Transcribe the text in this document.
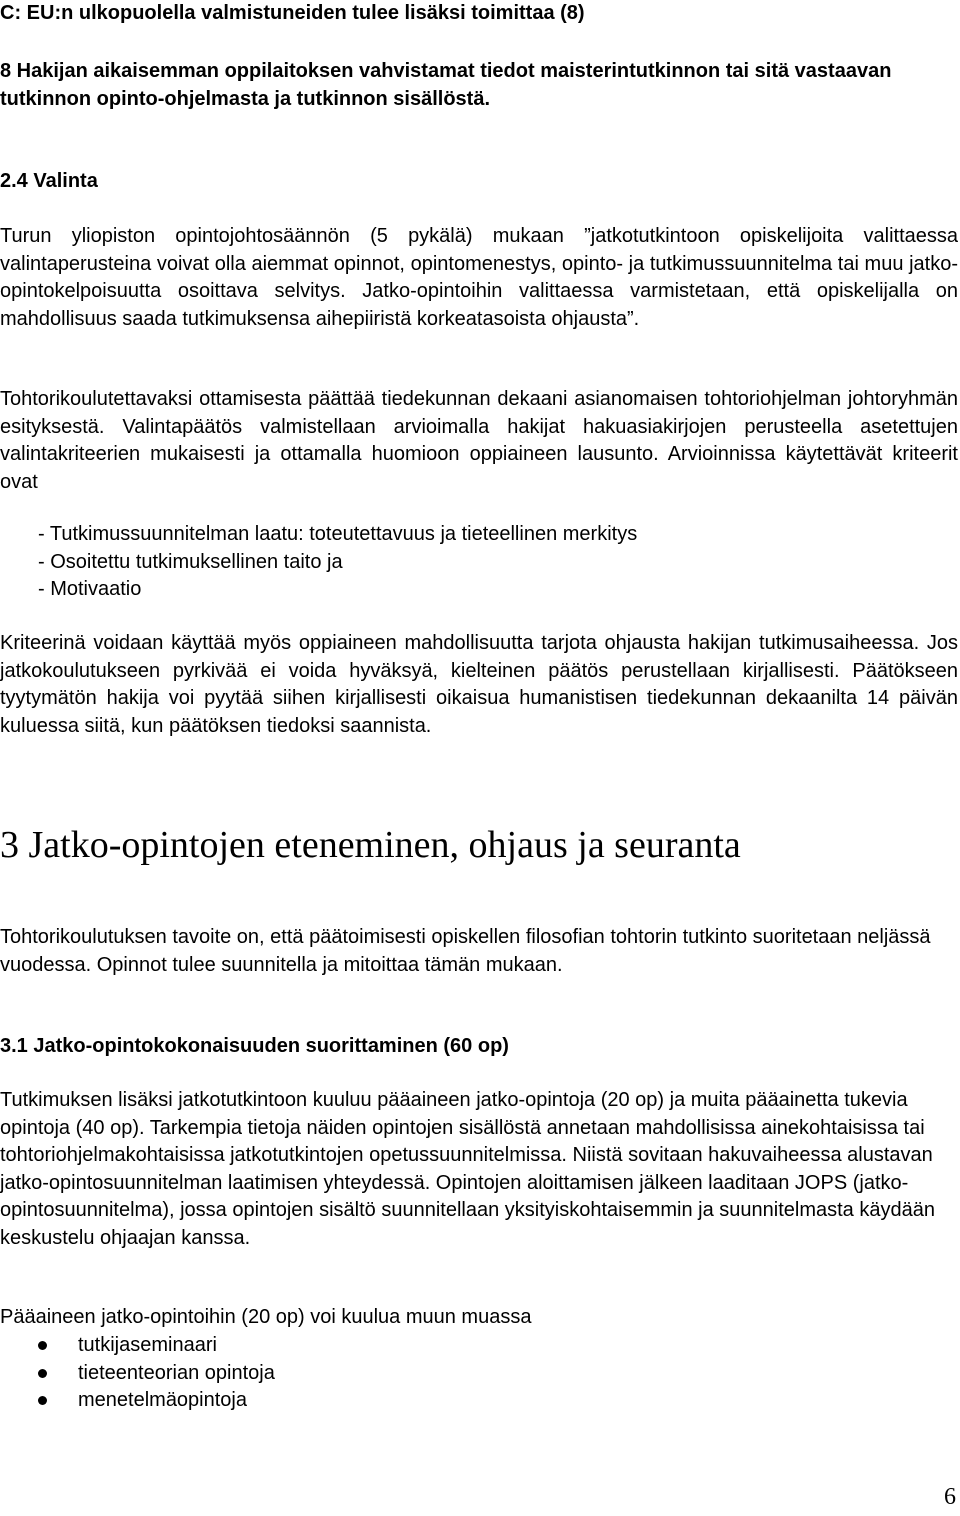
C: EU:n ulkopuolella valmistuneiden tulee lisäksi toimittaa (8)

8 Hakijan aikaisemman oppilaitoksen vahvistamat tiedot maisterintutkinnon tai sitä vastaavan tutkinnon opinto-ohjelmasta ja tutkinnon sisällöstä.

2.4 Valinta

Turun yliopiston opintojohtosäännön (5 pykälä) mukaan ”jatkotutkintoon opiskelijoita valittaessa valintaperusteina voivat olla aiemmat opinnot, opintomenestys, opinto- ja tutkimussuunnitelma tai muu jatko-opintokelpoisuutta osoittava selvitys. Jatko-opintoihin valittaessa varmistetaan, että opiskelijalla on mahdollisuus saada tutkimuksensa aihepiiristä korkeatasoista ohjausta”.

Tohtorikoulutettavaksi ottamisesta päättää tiedekunnan dekaani asianomaisen tohtoriohjelman johtoryhmän esityksestä. Valintapäätös valmistellaan arvioimalla hakijat hakuasiakirjojen perusteella asetettujen valintakriteerien mukaisesti ja ottamalla huomioon oppiaineen lausunto. Arvioinnissa käytettävät kriteerit ovat

- Tutkimussuunnitelman laatu: toteutettavuus ja tieteellinen merkitys
- Osoitettu tutkimuksellinen taito ja
- Motivaatio

Kriteerinä voidaan käyttää myös oppiaineen mahdollisuutta tarjota ohjausta hakijan tutkimusaiheessa. Jos jatkokoulutukseen pyrkivää ei voida hyväksyä, kielteinen päätös perustellaan kirjallisesti. Päätökseen tyytymätön hakija voi pyytää siihen kirjallisesti oikaisua humanistisen tiedekunnan dekaanilta 14 päivän kuluessa siitä, kun päätöksen tiedoksi saannista.

3 Jatko-opintojen eteneminen, ohjaus ja seuranta

Tohtorikoulutuksen tavoite on, että päätoimisesti opiskellen filosofian tohtorin tutkinto suoritetaan neljässä vuodessa. Opinnot tulee suunnitella ja mitoittaa tämän mukaan.

3.1 Jatko-opintokokonaisuuden suorittaminen (60 op)

Tutkimuksen lisäksi jatkotutkintoon kuuluu pääaineen jatko-opintoja (20 op) ja muita pääainetta tukevia opintoja (40 op). Tarkempia tietoja näiden opintojen sisällöstä annetaan mahdollisissa ainekohtaisissa tai tohtoriohjelmakohtaisissa jatkotutkintojen opetussuunnitelmissa. Niistä sovitaan hakuvaiheessa alustavan jatko-opintosuunnitelman laatimisen yhteydessä. Opintojen aloittamisen jälkeen laaditaan JOPS (jatko-opintosuunnitelma), jossa opintojen sisältö suunnitellaan yksityiskohtaisemmin ja suunnitelmasta käydään keskustelu ohjaajan kanssa.

Pääaineen jatko-opintoihin (20 op) voi kuulua muun muassa

tutkijaseminaari
tieteenteorian opintoja
menetelmäopintoja
6
